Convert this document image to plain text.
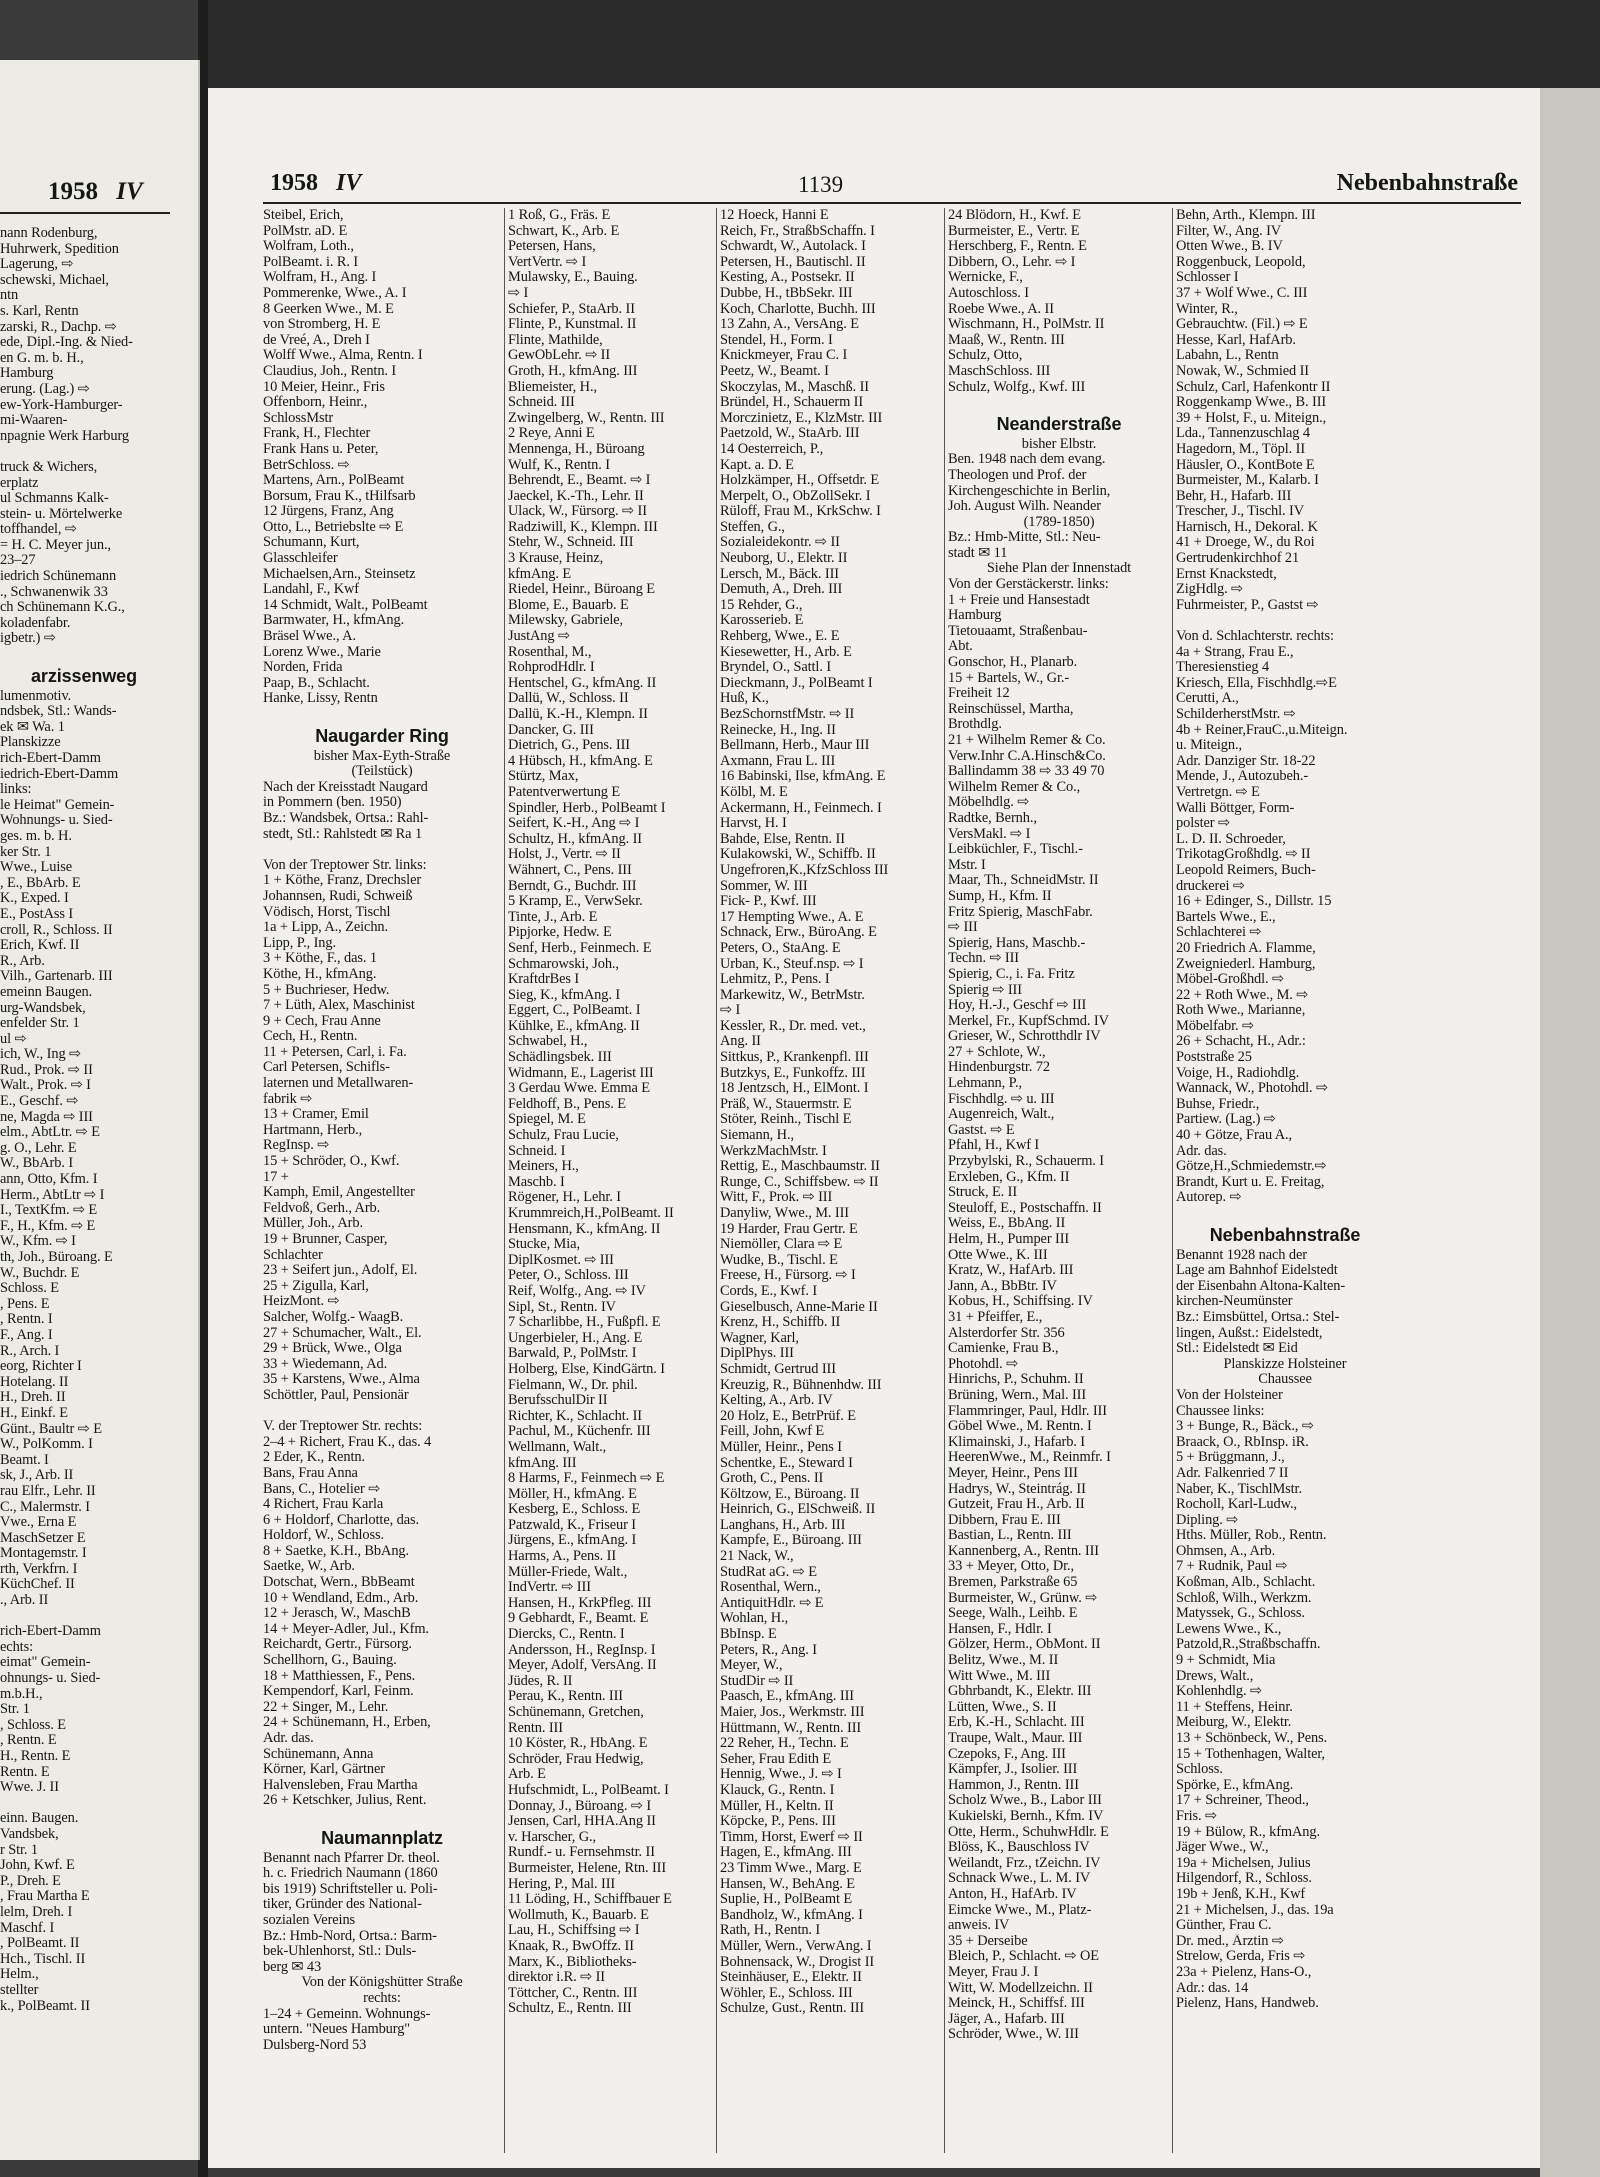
1958 IV
nann Rodenburg,
Huhrwerk, Spedition
Lagerung, ⇨
schewski, Michael,
ntn
s. Karl, Rentn
zarski, R., Dachp. ⇨
ede, Dipl.-Ing. & Nied-
en G. m. b. H.,
Hamburg
erung. (Lag.) ⇨
ew-York-Hamburger-
mi-Waaren-
npagnie Werk Harburg

truck & Wichers,
erplatz
ul Schmanns Kalk-
stein- u. Mörtelwerke
toffhandel, ⇨
= H. C. Meyer jun.,
23–27
iedrich Schünemann
., Schwanenwik 33
ch Schünemann K.G.,
koladenfabr.
igbetr.) ⇨

arzissenweg
lumenmotiv.
ndsbek, Stl.: Wands-
ek ✉ Wa. 1
Planskizze
rich-Ebert-Damm
iedrich-Ebert-Damm
links:
le Heimat" Gemein-
Wohnungs- u. Sied-
ges. m. b. H.
ker Str. 1
Wwe., Luise
, E., BbArb. E
K., Exped. I
E., PostAss I
croll, R., Schloss. II
Erich, Kwf. II
R., Arb.
Vilh., Gartenarb. III
emeinn Baugen.
urg-Wandsbek,
enfelder Str. 1
ul ⇨
ich, W., Ing ⇨
Rud., Prok. ⇨ II
Walt., Prok. ⇨ I
E., Geschf. ⇨
ne, Magda ⇨ III
elm., AbtLtr. ⇨ E
g. O., Lehr. E
W., BbArb. I
ann, Otto, Kfm. I
Herm., AbtLtr ⇨ I
I., TextKfm. ⇨ E
F., H., Kfm. ⇨ E
W., Kfm. ⇨ I
th, Joh., Büroang. E
W., Buchdr. E
Schloss. E
, Pens. E
, Rentn. I
F., Ang. I
R., Arch. I
eorg, Richter I
Hotelang. II
H., Dreh. II
H., Einkf. E
Günt., Baultr ⇨ E
W., PolKomm. I
Beamt. I
sk, J., Arb. II
rau Elfr., Lehr. II
C., Malermstr. I
Vwe., Erna E
MaschSetzer E
Montagemstr. I
rth, Verkfrn. I
KüchChef. II
., Arb. II

rich-Ebert-Damm
echts:
eimat" Gemein-
ohnungs- u. Sied-
m.b.H.,
Str. 1
, Schloss. E
, Rentn. E
H., Rentn. E
Rentn. E
Wwe. J. II

einn. Baugen.
Vandsbek,
r Str. 1
John, Kwf. E
P., Dreh. E
, Frau Martha E
lelm, Dreh. I
Maschf. I
, PolBeamt. II
Hch., Tischl. II
Helm.,
stellter
k., PolBeamt. II
1958 IV	1139	Nebenbahnstraße
Steibel, Erich,
PolMstr. aD. E
Wolfram, Loth.,
PolBeamt. i. R. I
Wolfram, H., Ang. I
Pommerenke, Wwe., A. I
8 Geerken Wwe., M. E
von Stromberg, H. E
de Vreé, A., Dreh I
Wolff Wwe., Alma, Rentn. I
Claudius, Joh., Rentn. I
10 Meier, Heinr., Fris
Offenborn, Heinr.,
SchlossMstr
Frank, H., Flechter
Frank Hans u. Peter,
BetrSchloss. ⇨
Martens, Arn., PolBeamt
Borsum, Frau K., tHilfsarb
12 Jürgens, Franz, Ang
Otto, L., Betriebslte ⇨ E
Schumann, Kurt,
Glasschleifer
Michaelsen,Arn., Steinsetz
Landahl, F., Kwf
14 Schmidt, Walt., PolBeamt
Barmwater, H., kfmAng.
Bräsel Wwe., A.
Lorenz Wwe., Marie
Norden, Frida
Paap, B., Schlacht.
Hanke, Lissy, Rentn

Naugarder Ring
bisher Max-Eyth-Straße
(Teilstück)
Nach der Kreisstadt Naugard
in Pommern (ben. 1950)
Bz.: Wandsbek, Ortsa.: Rahl-
stedt, Stl.: Rahlstedt ✉ Ra 1

Von der Treptower Str. links:
1 + Köthe, Franz, Drechsler
Johannsen, Rudi, Schweiß
Vödisch, Horst, Tischl
1a + Lipp, A., Zeichn.
Lipp, P., Ing.
3 + Köthe, F., das. 1
Köthe, H., kfmAng.
5 + Buchrieser, Hedw.
7 + Lüth, Alex, Maschinist
9 + Cech, Frau Anne
Cech, H., Rentn.
11 + Petersen, Carl, i. Fa.
Carl Petersen, Schifls-
laternen und Metallwaren-
fabrik ⇨
13 + Cramer, Emil
Hartmann, Herb.,
RegInsp. ⇨
15 + Schröder, O., Kwf.
17 +
Kamph, Emil, Angestellter
Feldvoß, Gerh., Arb.
Müller, Joh., Arb.
19 + Brunner, Casper,
Schlachter
23 + Seifert jun., Adolf, El.
25 + Zigulla, Karl,
HeizMont. ⇨
Salcher, Wolfg.- WaagB.
27 + Schumacher, Walt., El.
29 + Brück, Wwe., Olga
33 + Wiedemann, Ad.
35 + Karstens, Wwe., Alma
Schöttler, Paul, Pensionär

V. der Treptower Str. rechts:
2–4 + Richert, Frau K., das. 4
2 Eder, K., Rentn.
Bans, Frau Anna
Bans, C., Hotelier ⇨
4 Richert, Frau Karla
6 + Holdorf, Charlotte, das.
Holdorf, W., Schloss.
8 + Saetke, K.H., BbAng.
Saetke, W., Arb.
Dotschat, Wern., BbBeamt
10 + Wendland, Edm., Arb.
12 + Jerasch, W., MaschB
14 + Meyer-Adler, Jul., Kfm.
Reichardt, Gertr., Fürsorg.
Schellhorn, G., Bauing.
18 + Matthiessen, F., Pens.
Kempendorf, Karl, Feinm.
22 + Singer, M., Lehr.
24 + Schünemann, H., Erben,
Adr. das.
Schünemann, Anna
Körner, Karl, Gärtner
Halvensleben, Frau Martha
26 + Ketschker, Julius, Rent.

Naumannplatz
Benannt nach Pfarrer Dr. theol.
h. c. Friedrich Naumann (1860
bis 1919) Schriftsteller u. Poli-
tiker, Gründer des National-
sozialen Vereins
Bz.: Hmb-Nord, Ortsa.: Barm-
bek-Uhlenhorst, Stl.: Duls-
berg ✉ 43
Von der Königshütter Straße
rechts:
1–24 + Gemeinn. Wohnungs-
untern. "Neues Hamburg"
Dulsberg-Nord 53
1 Roß, G., Fräs. E
Schwart, K., Arb. E
Petersen, Hans,
VertVertr. ⇨ I
Mulawsky, E., Bauing.
⇨ I
Schiefer, P., StaArb. II
Flinte, P., Kunstmal. II
Flinte, Mathilde,
GewObLehr. ⇨ II
Groth, H., kfmAng. III
Bliemeister, H.,
Schneid. III
Zwingelberg, W., Rentn. III
2 Reye, Anni E
Mennenga, H., Büroang
Wulf, K., Rentn. I
Behrendt, E., Beamt. ⇨ I
Jaeckel, K.-Th., Lehr. II
Ulack, W., Fürsorg. ⇨ II
Radziwill, K., Klempn. III
Stehr, W., Schneid. III
3 Krause, Heinz,
kfmAng. E
Riedel, Heinr., Büroang E
Blome, E., Bauarb. E
Milewsky, Gabriele,
JustAng ⇨
Rosenthal, M.,
RohprodHdlr. I
Hentschel, G., kfmAng. II
Dallü, W., Schloss. II
Dallü, K.-H., Klempn. II
Dancker, G. III
Dietrich, G., Pens. III
4 Hübsch, H., kfmAng. E
Stürtz, Max,
Patentverwertung E
Spindler, Herb., PolBeamt I
Seifert, K.-H., Ang ⇨ I
Schultz, H., kfmAng. II
Holst, J., Vertr. ⇨ II
Wähnert, C., Pens. III
Berndt, G., Buchdr. III
5 Kramp, E., VerwSekr.
Tinte, J., Arb. E
Pipjorke, Hedw. E
Senf, Herb., Feinmech. E
Schmarowski, Joh.,
KraftdrBes I
Sieg, K., kfmAng. I
Eggert, C., PolBeamt. I
Kühlke, E., kfmAng. II
Schwabel, H.,
Schädlingsbek. III
Widmann, E., Lagerist III
3 Gerdau Wwe. Emma E
Feldhoff, B., Pens. E
Spiegel, M. E
Schulz, Frau Lucie,
Schneid. I
Meiners, H.,
Maschb. I
Rögener, H., Lehr. I
Krummreich,H.,PolBeamt. II
Hensmann, K., kfmAng. II
Stucke, Mia,
DiplKosmet. ⇨ III
Peter, O., Schloss. III
Reif, Wolfg., Ang. ⇨ IV
Sipl, St., Rentn. IV
7 Scharlibbe, H., Fußpfl. E
Ungerbieler, H., Ang. E
Barwald, P., PolMstr. I
Holberg, Else, KindGärtn. I
Fielmann, W., Dr. phil.
BerufsschulDir II
Richter, K., Schlacht. II
Pachul, M., Küchenfr. III
Wellmann, Walt.,
kfmAng. III
8 Harms, F., Feinmech ⇨ E
Möller, H., kfmAng. E
Kesberg, E., Schloss. E
Patzwald, K., Friseur I
Jürgens, E., kfmAng. I
Harms, A., Pens. II
Müller-Friede, Walt.,
IndVertr. ⇨ III
Hansen, H., KrkPfleg. III
9 Gebhardt, F., Beamt. E
Diercks, C., Rentn. I
Andersson, H., RegInsp. I
Meyer, Adolf, VersAng. II
Jüdes, R. II
Perau, K., Rentn. III
Schünemann, Gretchen,
Rentn. III
10 Köster, R., HbAng. E
Schröder, Frau Hedwig,
Arb. E
Hufschmidt, L., PolBeamt. I
Donnay, J., Büroang. ⇨ I
Jensen, Carl, HHA.Ang II
v. Harscher, G.,
Rundf.- u. Fernsehmstr. II
Burmeister, Helene, Rtn. III
Hering, P., Mal. III
11 Löding, H., Schiffbauer E
Wollmuth, K., Bauarb. E
Lau, H., Schiffsing ⇨ I
Knaak, R., BwOffz. II
Marx, K., Bibliotheks-
direktor i.R. ⇨ II
Töttcher, C., Rentn. III
Schultz, E., Rentn. III
12 Hoeck, Hanni E
Reich, Fr., StraßbSchaffn. I
Schwardt, W., Autolack. I
Petersen, H., Bautischl. II
Kesting, A., Postsekr. II
Dubbe, H., tBbSekr. III
Koch, Charlotte, Buchh. III
13 Zahn, A., VersAng. E
Stendel, H., Form. I
Knickmeyer, Frau C. I
Peetz, W., Beamt. I
Skoczylas, M., Maschß. II
Bründel, H., Schauerm II
Morczinietz, E., KlzMstr. III
Paetzold, W., StaArb. III
14 Oesterreich, P.,
Kapt. a. D. E
Holzkämper, H., Offsetdr. E
Merpelt, O., ObZollSekr. I
Rüloff, Frau M., KrkSchw. I
Steffen, G.,
Sozialeidekontr. ⇨ II
Neuborg, U., Elektr. II
Lersch, M., Bäck. III
Demuth, A., Dreh. III
15 Rehder, G.,
Karosserieb. E
Rehberg, Wwe., E. E
Kiesewetter, H., Arb. E
Bryndel, O., Sattl. I
Dieckmann, J., PolBeamt I
Huß, K.,
BezSchornstfMstr. ⇨ II
Reinecke, H., Ing. II
Bellmann, Herb., Maur III
Axmann, Frau L. III
16 Babinski, Ilse, kfmAng. E
Kölbl, M. E
Ackermann, H., Feinmech. I
Harvst, H. I
Bahde, Else, Rentn. II
Kulakowski, W., Schiffb. II
Ungefroren,K.,KfzSchloss III
Sommer, W. III
Fick- P., Kwf. III
17 Hempting Wwe., A. E
Schnack, Erw., BüroAng. E
Peters, O., StaAng. E
Urban, K., Steuf.nsp. ⇨ I
Lehmitz, P., Pens. I
Markewitz, W., BetrMstr.
⇨ I
Kessler, R., Dr. med. vet.,
Ang. II
Sittkus, P., Krankenpfl. III
Butzkys, E., Funkoffz. III
18 Jentzsch, H., ElMont. I
Präß, W., Stauermstr. E
Stöter, Reinh., Tischl E
Siemann, H.,
WerkzMachMstr. I
Rettig, E., Maschbaumstr. II
Runge, C., Schiffsbew. ⇨ II
Witt, F., Prok. ⇨ III
Danyliw, Wwe., M. III
19 Harder, Frau Gertr. E
Niemöller, Clara ⇨ E
Wudke, B., Tischl. E
Freese, H., Fürsorg. ⇨ I
Cords, E., Kwf. I
Gieselbusch, Anne-Marie II
Krenz, H., Schiffb. II
Wagner, Karl,
DiplPhys. III
Schmidt, Gertrud III
Kreuzig, R., Bühnenhdw. III
Kelting, A., Arb. IV
20 Holz, E., BetrPrüf. E
Feill, John, Kwf E
Müller, Heinr., Pens I
Schentke, E., Steward I
Groth, C., Pens. II
Költzow, E., Büroang. II
Heinrich, G., ElSchweiß. II
Langhans, H., Arb. III
Kampfe, E., Büroang. III
21 Nack, W.,
StudRat aG. ⇨ E
Rosenthal, Wern.,
AntiquitHdlr. ⇨ E
Wohlan, H.,
BbInsp. E
Peters, R., Ang. I
Meyer, W.,
StudDir ⇨ II
Paasch, E., kfmAng. III
Maier, Jos., Werkmstr. III
Hüttmann, W., Rentn. III
22 Reher, H., Techn. E
Seher, Frau Edith E
Hennig, Wwe., J. ⇨ I
Klauck, G., Rentn. I
Müller, H., Keltn. II
Köpcke, P., Pens. III
Timm, Horst, Ewerf ⇨ II
Hagen, E., kfmAng. III
23 Timm Wwe., Marg. E
Hansen, W., BehAng. E
Suplie, H., PolBeamt E
Bandholz, W., kfmAng. I
Rath, H., Rentn. I
Müller, Wern., VerwAng. I
Bohnensack, W., Drogist II
Steinhäuser, E., Elektr. II
Wöhler, E., Schloss. III
Schulze, Gust., Rentn. III
24 Blödorn, H., Kwf. E
Burmeister, E., Vertr. E
Herschberg, F., Rentn. E
Dibbern, O., Lehr. ⇨ I
Wernicke, F.,
Autoschloss. I
Roebe Wwe., A. II
Wischmann, H., PolMstr. II
Maaß, W., Rentn. III
Schulz, Otto,
MaschSchloss. III
Schulz, Wolfg., Kwf. III

Neanderstraße
bisher Elbstr.
Ben. 1948 nach dem evang.
Theologen und Prof. der
Kirchengeschichte in Berlin,
Joh. August Wilh. Neander
(1789-1850)
Bz.: Hmb-Mitte, Stl.: Neu-
stadt ✉ 11
Siehe Plan der Innenstadt
Von der Gerstäckerstr. links:
1 + Freie und Hansestadt
Hamburg
Tietouaamt, Straßenbau-
Abt.
Gonschor, H., Planarb.
15 + Bartels, W., Gr.-
Freiheit 12
Reinschüssel, Martha,
Brothdlg.
21 + Wilhelm Remer & Co.
Verw.Inhr C.A.Hinsch&Co.
Ballindamm 38 ⇨ 33 49 70
Wilhelm Remer & Co.,
Möbelhdlg. ⇨
Radtke, Bernh.,
VersMakl. ⇨ I
Leibküchler, F., Tischl.-
Mstr. I
Maar, Th., SchneidMstr. II
Sump, H., Kfm. II
Fritz Spierig, MaschFabr.
⇨ III
Spierig, Hans, Maschb.-
Techn. ⇨ III
Spierig, C., i. Fa. Fritz
Spierig ⇨ III
Hoy, H.-J., Geschf ⇨ III
Merkel, Fr., KupfSchmd. IV
Grieser, W., Schrotthdlr IV
27 + Schlote, W.,
Hindenburgstr. 72
Lehmann, P.,
Fischhdlg. ⇨ u. III
Augenreich, Walt.,
Gastst. ⇨ E
Pfahl, H., Kwf I
Przybylski, R., Schauerm. I
Erxleben, G., Kfm. II
Struck, E. II
Steuloff, E., Postschaffn. II
Weiss, E., BbAng. II
Helm, H., Pumper III
Otte Wwe., K. III
Kratz, W., HafArb. III
Jann, A., BbBtr. IV
Kobus, H., Schiffsing. IV
31 + Pfeiffer, E.,
Alsterdorfer Str. 356
Camienke, Frau B.,
Photohdl. ⇨
Hinrichs, P., Schuhm. II
Brüning, Wern., Mal. III
Flammringer, Paul, Hdlr. III
Göbel Wwe., M. Rentn. I
Klimainski, J., Hafarb. I
HeerenWwe., M., Reinmfr. I
Meyer, Heinr., Pens III
Hadrys, W., Steintrág. II
Gutzeit, Frau H., Arb. II
Dibbern, Frau E. III
Bastian, L., Rentn. III
Kannenberg, A., Rentn. III
33 + Meyer, Otto, Dr.,
Bremen, Parkstraße 65
Burmeister, W., Grünw. ⇨
Seege, Walh., Leihb. E
Hansen, F., Hdlr. I
Gölzer, Herm., ObMont. II
Belitz, Wwe., M. II
Witt Wwe., M. III
Gbhrbandt, K., Elektr. III
Lütten, Wwe., S. II
Erb, K.-H., Schlacht. III
Traupe, Walt., Maur. III
Czepoks, F., Ang. III
Kämpfer, J., Isolier. III
Hammon, J., Rentn. III
Scholz Wwe., B., Labor III
Kukielski, Bernh., Kfm. IV
Otte, Herm., SchuhwHdlr. E
Blöss, K., Bauschloss IV
Weilandt, Frz., tZeichn. IV
Schnack Wwe., L. M. IV
Anton, H., HafArb. IV
Eimcke Wwe., M., Platz-
anweis. IV
35 + Derseibe
Bleich, P., Schlacht. ⇨ OE
Meyer, Frau J. I
Witt, W. Modellzeichn. II
Meinck, H., Schiffsf. III
Jäger, A., Hafarb. III
Schröder, Wwe., W. III
Behn, Arth., Klempn. III
Filter, W., Ang. IV
Otten Wwe., B. IV
Roggenbuck, Leopold,
Schlosser I
37 + Wolf Wwe., C. III
Winter, R.,
Gebrauchtw. (Fil.) ⇨ E
Hesse, Karl, HafArb.
Labahn, L., Rentn
Nowak, W., Schmied II
Schulz, Carl, Hafenkontr II
Roggenkamp Wwe., B. III
39 + Holst, F., u. Miteign.,
Lda., Tannenzuschlag 4
Hagedorn, M., Töpl. II
Häusler, O., KontBote E
Burmeister, M., Kalarb. I
Behr, H., Hafarb. III
Trescher, J., Tischl. IV
Harnisch, H., Dekoral. K
41 + Droege, W., du Roi
Gertrudenkirchhof 21
Ernst Knackstedt,
ZigHdlg. ⇨
Fuhrmeister, P., Gastst ⇨

Von d. Schlachterstr. rechts:
4a + Strang, Frau E.,
Theresienstieg 4
Kriesch, Ella, Fischhdlg.⇨E
Cerutti, A.,
SchilderherstMstr. ⇨
4b + Reiner,FrauC.,u.Miteign.
u. Miteign.,
Adr. Danziger Str. 18-22
Mende, J., Autozubeh.-
Vertretgn. ⇨ E
Walli Böttger, Form-
polster ⇨
L. D. II. Schroeder,
TrikotagGroßhdlg. ⇨ II
Leopold Reimers, Buch-
druckerei ⇨
16 + Edinger, S., Dillstr. 15
Bartels Wwe., E.,
Schlachterei ⇨
20 Friedrich A. Flamme,
Zweigniederl. Hamburg,
Möbel-Großhdl. ⇨
22 + Roth Wwe., M. ⇨
Roth Wwe., Marianne,
Möbelfabr. ⇨
26 + Schacht, H., Adr.:
Poststraße 25
Voige, H., Radiohdlg.
Wannack, W., Photohdl. ⇨
Buhse, Friedr.,
Partiew. (Lag.) ⇨
40 + Götze, Frau A.,
Adr. das.
Götze,H.,Schmiedemstr.⇨
Brandt, Kurt u. E. Freitag,
Autorep. ⇨

Nebenbahnstraße
Benannt 1928 nach der
Lage am Bahnhof Eidelstedt
der Eisenbahn Altona-Kalten-
kirchen-Neumünster
Bz.: Eimsbüttel, Ortsa.: Stel-
lingen, Außst.: Eidelstedt,
Stl.: Eidelstedt ✉ Eid
Planskizze Holsteiner
Chaussee
Von der Holsteiner
Chaussee links:
3 + Bunge, R., Bäck., ⇨
Braack, O., RbInsp. iR.
5 + Brüggmann, J.,
Adr. Falkenried 7 II
Naber, K., TischlMstr.
Rocholl, Karl-Ludw.,
Dipling. ⇨
Hths. Müller, Rob., Rentn.
Ohmsen, A., Arb.
7 + Rudnik, Paul ⇨
Koßman, Alb., Schlacht.
Schloß, Wilh., Werkzm.
Matyssek, G., Schloss.
Lewens Wwe., K.,
Patzold,R.,Straßbschaffn.
9 + Schmidt, Mia
Drews, Walt.,
Kohlenhdlg. ⇨
11 + Steffens, Heinr.
Meiburg, W., Elektr.
13 + Schönbeck, W., Pens.
15 + Tothenhagen, Walter,
Schloss.
Spörke, E., kfmAng.
17 + Schreiner, Theod.,
Fris. ⇨
19 + Bülow, R., kfmAng.
Jäger Wwe., W.,
19a + Michelsen, Julius
Hilgendorf, R., Schloss.
19b + Jenß, K.H., Kwf
21 + Michelsen, J., das. 19a
Günther, Frau C.
Dr. med., Ärztin ⇨
Strelow, Gerda, Fris ⇨
23a + Pielenz, Hans-O.,
Adr.: das. 14
Pielenz, Hans, Handweb.
